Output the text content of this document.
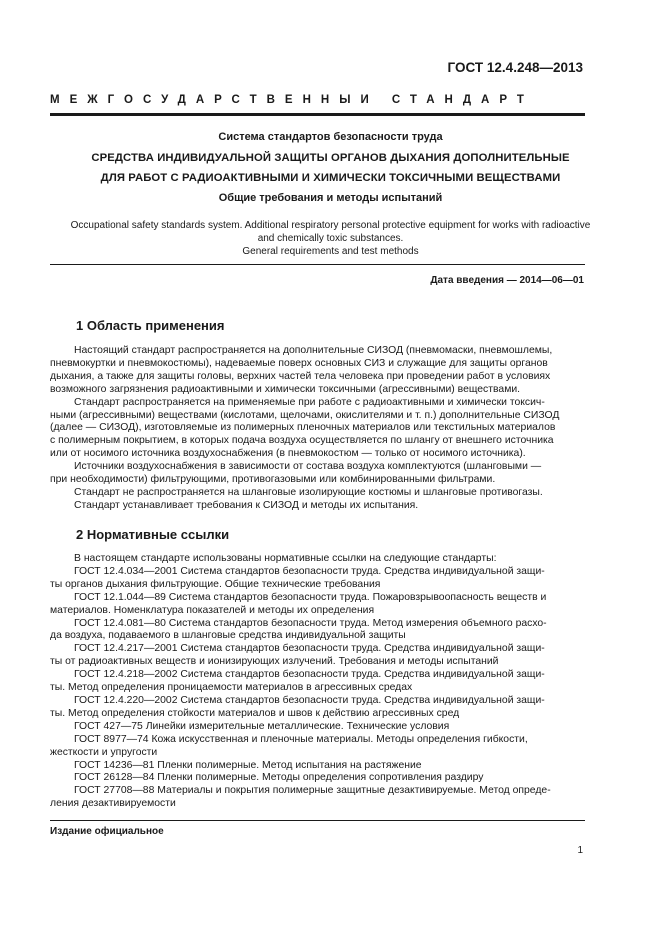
ГОСТ 12.4.248—2013
МЕЖГОСУДАРСТВЕННЫЙ СТАНДАРТ
Система стандартов безопасности труда
СРЕДСТВА ИНДИВИДУАЛЬНОЙ ЗАЩИТЫ ОРГАНОВ ДЫХАНИЯ ДОПОЛНИТЕЛЬНЫЕ
ДЛЯ РАБОТ С РАДИОАКТИВНЫМИ И ХИМИЧЕСКИ ТОКСИЧНЫМИ ВЕЩЕСТВАМИ
Общие требования и методы испытаний
Occupational safety standards system. Additional respiratory personal protective equipment for works with radioactive
and chemically toxic substances.
General requirements and test methods
Дата введения — 2014—06—01
1 Область применения
Настоящий стандарт распространяется на дополнительные СИЗОД (пневмомаски, пневмошлемы,
пневмокуртки и пневмокостюмы), надеваемые поверх основных СИЗ и служащие для защиты органов
дыхания, а также для защиты головы, верхних частей тела человека при проведении работ в условиях
возможного загрязнения радиоактивными и химически токсичными (агрессивными) веществами.
Стандарт распространяется на применяемые при работе с радиоактивными и химически токсич-
ными (агрессивными) веществами (кислотами, щелочами, окислителями и т. п.) дополнительные СИЗОД
(далее — СИЗОД), изготовляемые из полимерных пленочных материалов или текстильных материалов
с полимерным покрытием, в которых подача воздуха осуществляется по шлангу от внешнего источника
или от носимого источника воздухоснабжения (в пневмокостюм — только от носимого источника).
Источники воздухоснабжения в зависимости от состава воздуха комплектуются (шланговыми —
при необходимости) фильтрующими, противогазовыми или комбинированными фильтрами.
Стандарт не распространяется на шланговые изолирующие костюмы и шланговые противогазы.
Стандарт устанавливает требования к СИЗОД и методы их испытания.
2 Нормативные ссылки
В настоящем стандарте использованы нормативные ссылки на следующие стандарты:
ГОСТ 12.4.034—2001 Система стандартов безопасности труда. Средства индивидуальной защи-
ты органов дыхания фильтрующие. Общие технические требования
ГОСТ 12.1.044—89 Система стандартов безопасности труда. Пожаровзрывоопасность веществ и
материалов. Номенклатура показателей и методы их определения
ГОСТ 12.4.081—80 Система стандартов безопасности труда. Метод измерения объемного расхо-
да воздуха, подаваемого в шланговые средства индивидуальной защиты
ГОСТ 12.4.217—2001 Система стандартов безопасности труда. Средства индивидуальной защи-
ты от радиоактивных веществ и ионизирующих излучений. Требования и методы испытаний
ГОСТ 12.4.218—2002 Система стандартов безопасности труда. Средства индивидуальной защи-
ты. Метод определения проницаемости материалов в агрессивных средах
ГОСТ 12.4.220—2002 Система стандартов безопасности труда. Средства индивидуальной защи-
ты. Метод определения стойкости материалов и швов к действию агрессивных сред
ГОСТ 427—75 Линейки измерительные металлические. Технические условия
ГОСТ 8977—74 Кожа искусственная и пленочные материалы. Методы определения гибкости,
жесткости и упругости
ГОСТ 14236—81 Пленки полимерные. Метод испытания на растяжение
ГОСТ 26128—84 Пленки полимерные. Методы определения сопротивления раздиру
ГОСТ 27708—88 Материалы и покрытия полимерные защитные дезактивируемые. Метод опреде-
ления дезактивируемости
Издание официальное
1
